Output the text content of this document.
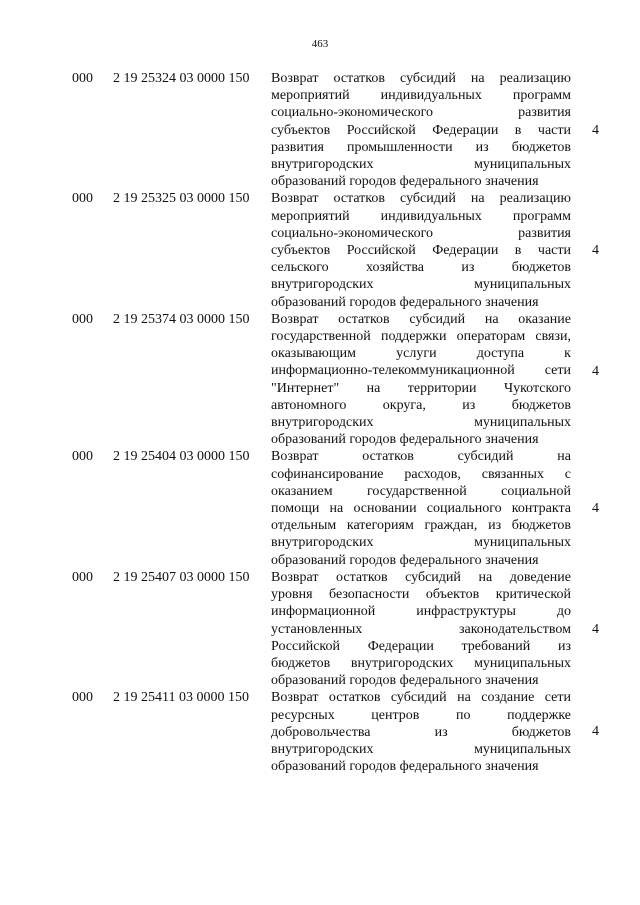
463
000 2 19 25324 03 0000 150 Возврат остатков субсидий на реализацию
мероприятий индивидуальных программ
социально-экономического развития
субъектов Российской Федерации в части
развития промышленности из бюджетов
внутригородских муниципальных
образований городов федерального значения
4
000 2 19 25325 03 0000 150 Возврат остатков субсидий на реализацию
мероприятий индивидуальных программ
социально-экономического развития
субъектов Российской Федерации в части
сельского хозяйства из бюджетов
внутригородских муниципальных
образований городов федерального значения
4
000 2 19 25374 03 0000 150 Возврат остатков субсидий на оказание
государственной поддержки операторам связи,
оказывающим услуги доступа к
информационно-телекоммуникационной сети
"Интернет" на территории Чукотского
автономного округа, из бюджетов
внутригородских муниципальных
образований городов федерального значения
4
000 2 19 25404 03 0000 150 Возврат остатков субсидий на
софинансирование расходов, связанных с
оказанием государственной социальной
помощи на основании социального контракта
отдельным категориям граждан, из бюджетов
внутригородских муниципальных
образований городов федерального значения
4
000 2 19 25407 03 0000 150 Возврат остатков субсидий на доведение
уровня безопасности объектов критической
информационной инфраструктуры до
установленных законодательством
Российской Федерации требований из
бюджетов внутригородских муниципальных
образований городов федерального значения
4
000 2 19 25411 03 0000 150 Возврат остатков субсидий на создание сети
ресурсных центров по поддержке
добровольчества из бюджетов
внутригородских муниципальных
образований городов федерального значения
4
